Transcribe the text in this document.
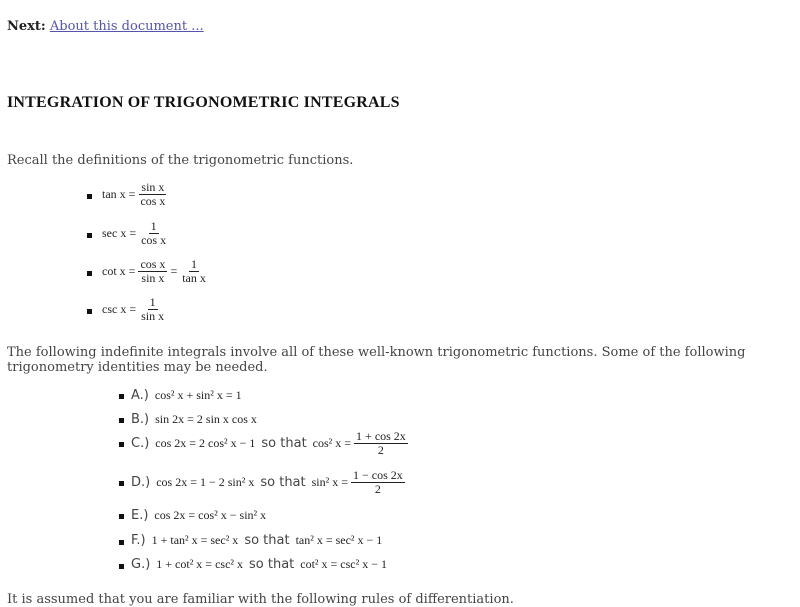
Next: About this document ...
INTEGRATION OF TRIGONOMETRIC INTEGRALS
Recall the definitions of the trigonometric functions.
$\tan x = \frac{\text{sin x}}{\text{cos x}}$
$\sec x = \frac{1}{\text{cos x}}$
$\cot x = \frac{\text{cos x}}{\text{sin x}} = \frac{1}{\text{tan x}}$
$\csc x = \frac{1}{\text{sin x}}$
The following indefinite integrals involve all of these well-known trigonometric functions. Some of the following
trigonometry identities may be needed.
A.) cos² x + sin² x = 1
B.) sin 2x = 2 sin x cos x
C.) cos 2x = 2 cos² x − 1 so that cos² $x = \frac{1 + \cos 2x}{2}$
D.) cos 2x = 1 − 2 sin² x so that sin² $x = \frac{1 - \cos 2x}{2}$
E.) cos 2x = cos² x − sin² x
F.) 1 + tan² x = sec² x so that tan² x = sec² x − 1
G.) 1 + cot² x = csc² x so that cot² x = csc² x − 1
It is assumed that you are familiar with the following rules of differentiation.
